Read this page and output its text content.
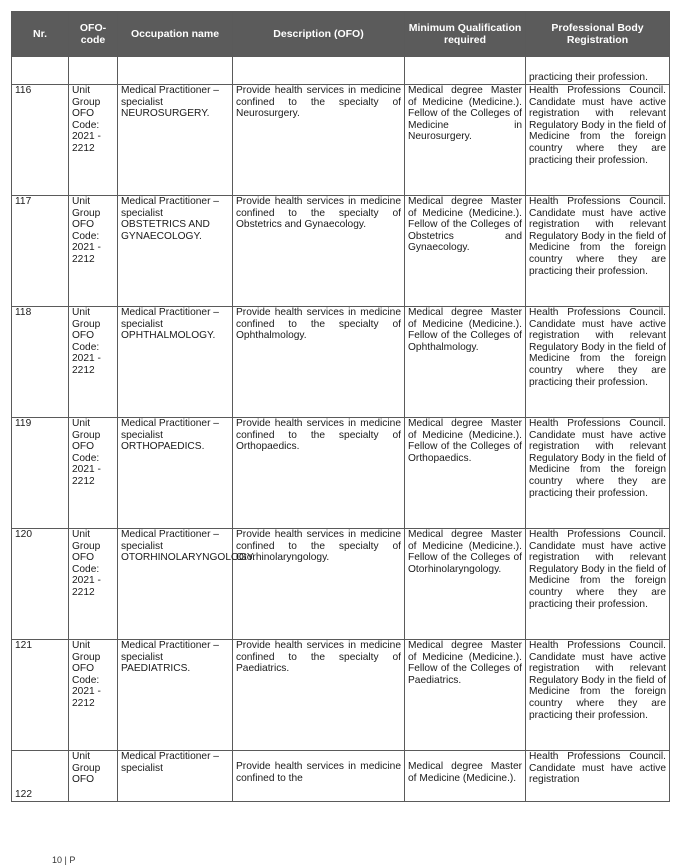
Nr.	OFO-code	Occupation name	Description (OFO)	Minimum Qualification required	Professional Body Registration
					practicing their profession.
116	Unit Group OFO Code: 2021 - 2212	Medical Practitioner – specialist NEUROSURGERY.	Provide health services in medicine confined to the specialty of Neurosurgery.	Medical degree Master of Medicine (Medicine.). Fellow of the Colleges of Medicine in Neurosurgery.	Health Professions Council. Candidate must have active registration with relevant Regulatory Body in the field of Medicine from the foreign country where they are practicing their profession.
117	Unit Group OFO Code: 2021 - 2212	Medical Practitioner – specialist OBSTETRICS AND GYNAECOLOGY.	Provide health services in medicine confined to the specialty of Obstetrics and Gynaecology.	Medical degree Master of Medicine (Medicine.). Fellow of the Colleges of Obstetrics and Gynaecology.	Health Professions Council. Candidate must have active registration with relevant Regulatory Body in the field of Medicine from the foreign country where they are practicing their profession.
118	Unit Group OFO Code: 2021 - 2212	Medical Practitioner – specialist OPHTHALMOLOGY.	Provide health services in medicine confined to the specialty of Ophthalmology.	Medical degree Master of Medicine (Medicine.). Fellow of the Colleges of Ophthalmology.	Health Professions Council. Candidate must have active registration with relevant Regulatory Body in the field of Medicine from the foreign country where they are practicing their profession.
119	Unit Group OFO Code: 2021 - 2212	Medical Practitioner – specialist ORTHOPAEDICS.	Provide health services in medicine confined to the specialty of Orthopaedics.	Medical degree Master of Medicine (Medicine.). Fellow of the Colleges of Orthopaedics.	Health Professions Council. Candidate must have active registration with relevant Regulatory Body in the field of Medicine from the foreign country where they are practicing their profession.
120	Unit Group OFO Code: 2021 - 2212	Medical Practitioner – specialist OTORHINOLARYNGOLOGY.	Provide health services in medicine confined to the specialty of Otorhinolaryngology.	Medical degree Master of Medicine (Medicine.). Fellow of the Colleges of Otorhinolaryngology.	Health Professions Council. Candidate must have active registration with relevant Regulatory Body in the field of Medicine from the foreign country where they are practicing their profession.
121	Unit Group OFO Code: 2021 - 2212	Medical Practitioner – specialist PAEDIATRICS.	Provide health services in medicine confined to the specialty of Paediatrics.	Medical degree Master of Medicine (Medicine.). Fellow of the Colleges of Paediatrics.	Health Professions Council. Candidate must have active registration with relevant Regulatory Body in the field of Medicine from the foreign country where they are practicing their profession.
122	Unit Group OFO	Medical Practitioner – specialist	Provide health services in medicine confined to the	Medical degree Master of Medicine (Medicine.).	Health Professions Council. Candidate must have active registration
10 | P
